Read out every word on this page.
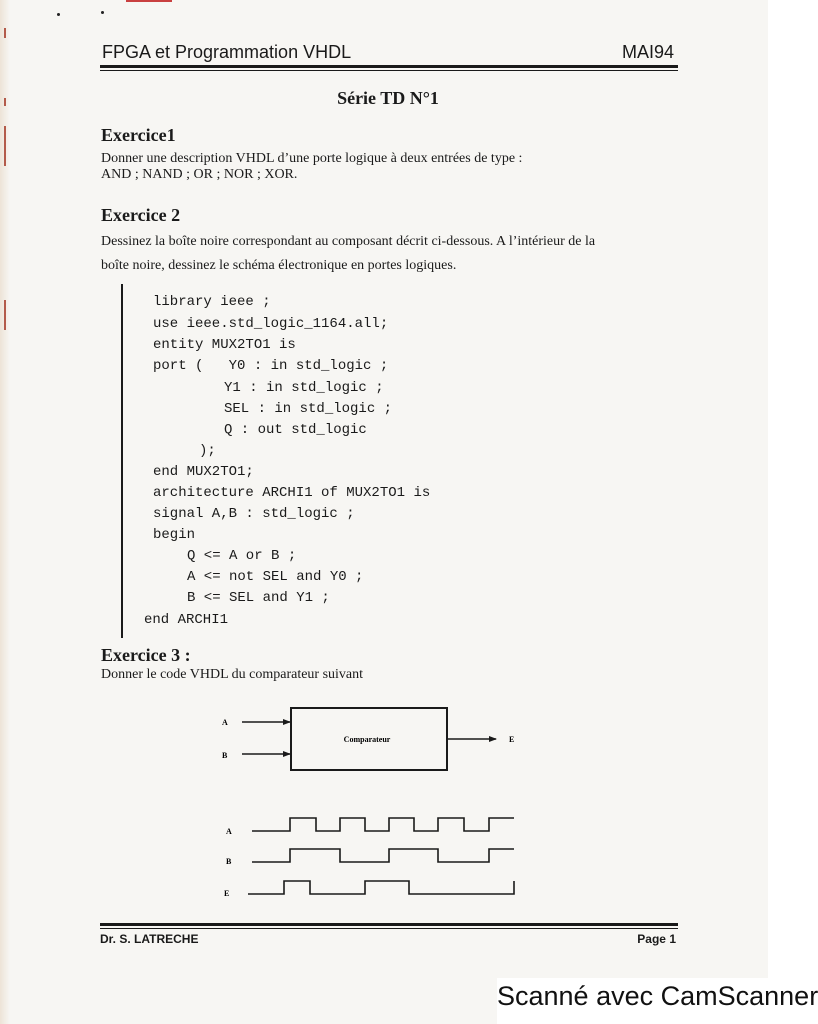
FPGA et Programmation VHDL	MAI94
Série TD N°1
Exercice1
Donner une description VHDL d’une porte logique à deux entrées de type :
AND ; NAND ; OR ; NOR ; XOR.
Exercice 2
Dessinez la boîte noire correspondant au composant décrit ci-dessous. A l’intérieur de la
boîte noire, dessinez le schéma électronique en portes logiques.
library ieee ;
use ieee.std_logic_1164.all;
entity MUX2TO1 is
port (   Y0 : in std_logic ;
Y1 : in std_logic ;
SEL : in std_logic ;
Q : out std_logic
);
end MUX2TO1;
architecture ARCHI1 of MUX2TO1 is
signal A,B : std_logic ;
begin
Q <= A or B ;
A <= not SEL and Y0 ;
B <= SEL and Y1 ;
end ARCHI1
Exercice 3 :
Donner le code VHDL du comparateur suivant
Comparateur
A
B
E
A
B
E
Dr. S. LATRECHE	Page 1
Scanné avec CamScanner
